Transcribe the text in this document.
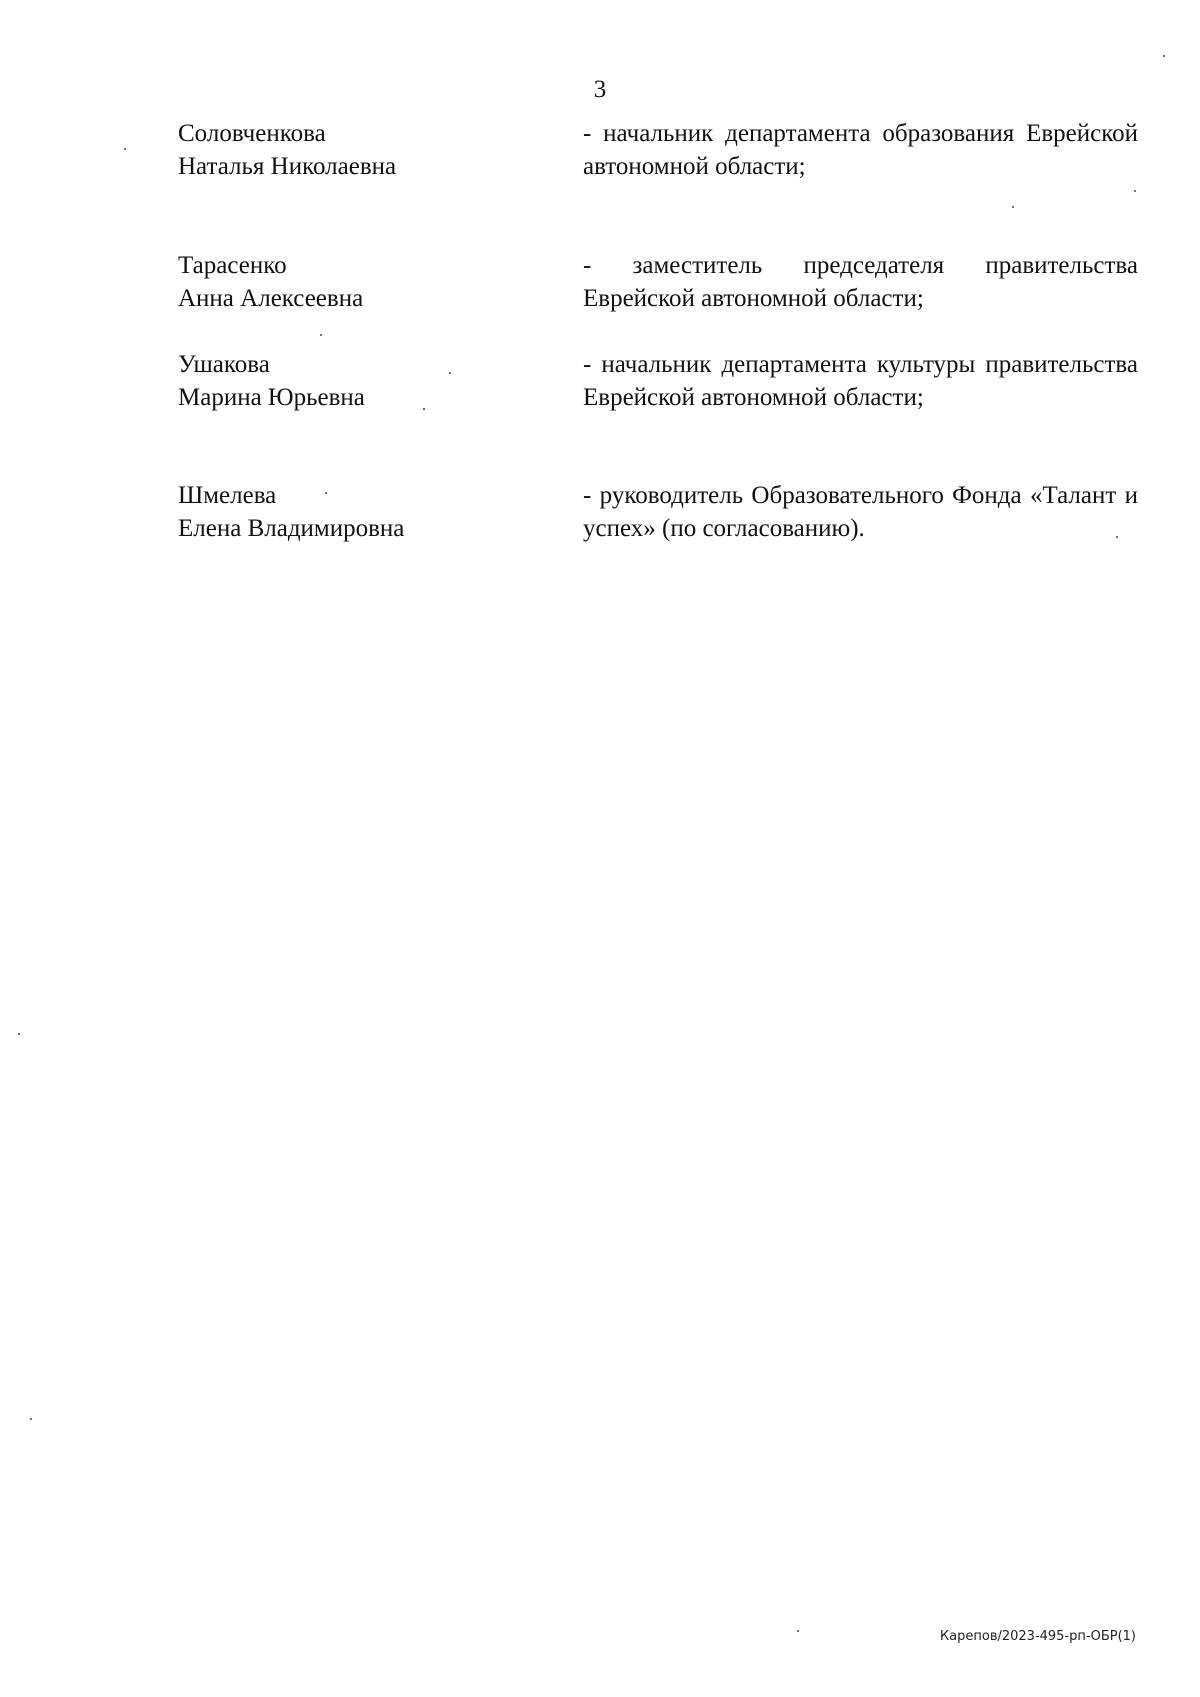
3
Соловченкова
Наталья Николаевна
- начальник департамента образования Еврейской автономной области;
Тарасенко
Анна Алексеевна
- заместитель председателя правительства Еврейской автономной области;
Ушакова
Марина Юрьевна
- начальник департамента культуры правительства Еврейской автономной области;
Шмелева
Елена Владимировна
- руководитель Образовательного Фонда «Талант и успех» (по согласованию).
Карепов/2023-495-рп-ОБР(1)
